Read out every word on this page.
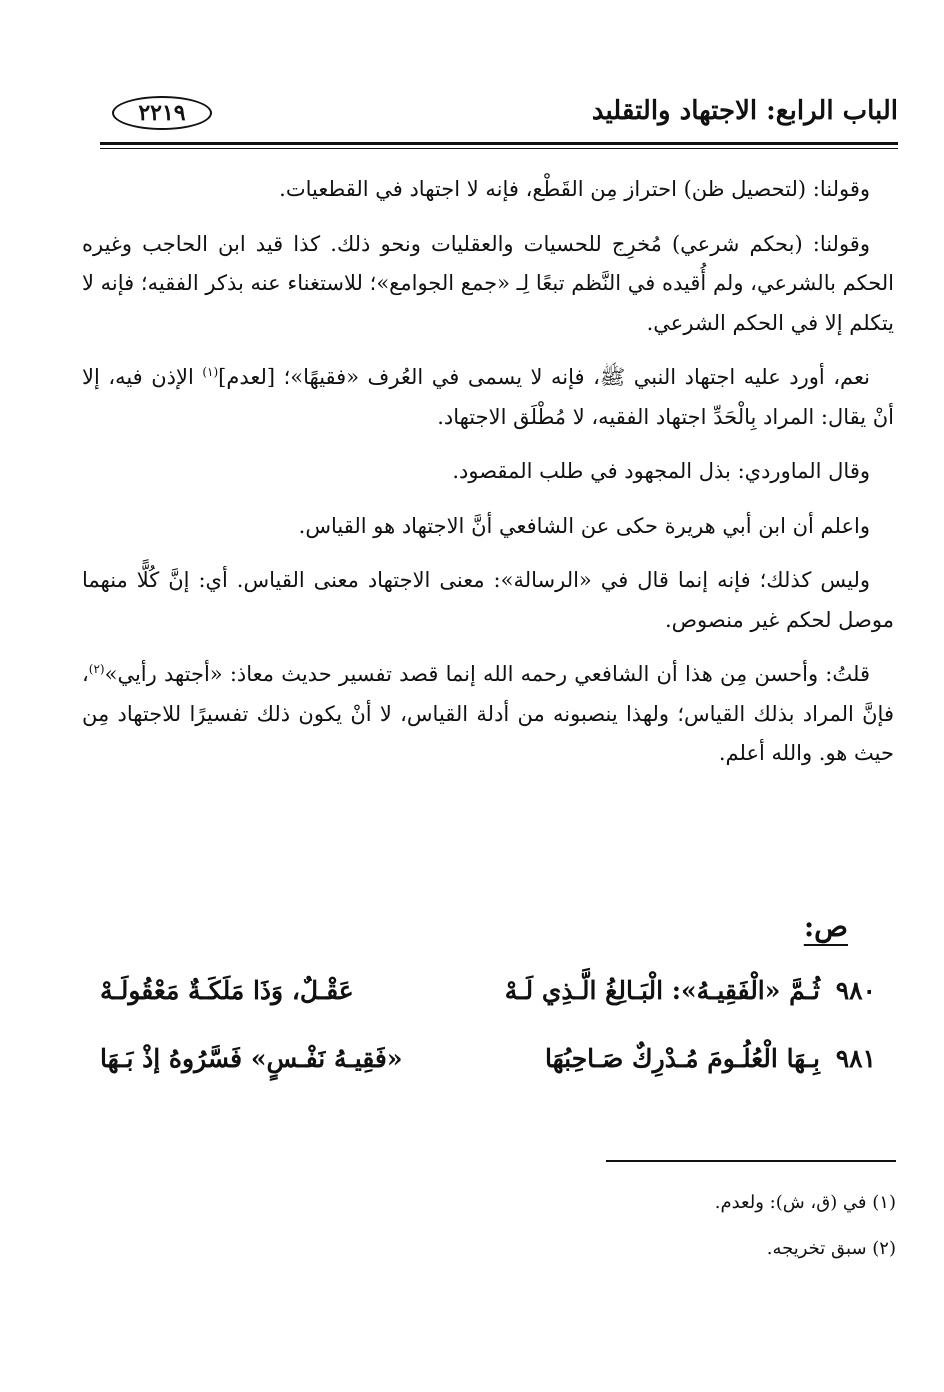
الباب الرابع: الاجتهاد والتقليد
٢٢١٩

وقولنا: (لتحصيل ظن) احتراز مِن القَطْع، فإنه لا اجتهاد في القطعيات.

وقولنا: (بحكم شرعي) مُخرِج للحسيات والعقليات ونحو ذلك. كذا قيد ابن الحاجب وغيره الحكم بالشرعي، ولم أُقيده في النَّظم تبعًا لِـ «جمع الجوامع»؛ للاستغناء عنه بذكر الفقيه؛ فإنه لا يتكلم إلا في الحكم الشرعي.

نعم، أورد عليه اجتهاد النبي ﷺ، فإنه لا يسمى في العُرف «فقيهًا»؛ [لعدم]$^{(١)}$ الإذن فيه، إلا أنْ يقال: المراد بِالْحَدِّ اجتهاد الفقيه، لا مُطْلَق الاجتهاد.

وقال الماوردي: بذل المجهود في طلب المقصود.

واعلم أن ابن أبي هريرة حكى عن الشافعي أنَّ الاجتهاد هو القياس.

وليس كذلك؛ فإنه إنما قال في «الرسالة»: معنى الاجتهاد معنى القياس. أي: إنَّ كُلًّا منهما موصل لحكم غير منصوص.

قلتُ: وأحسن مِن هذا أن الشافعي رحمه الله إنما قصد تفسير حديث معاذ: «أجتهد رأيي»$^{(٢)}$، فإنَّ المراد بذلك القياس؛ ولهذا ينصبونه من أدلة القياس، لا أنْ يكون ذلك تفسيرًا للاجتهاد مِن حيث هو. والله أعلم.

ص:
٩٨٠
ثُـمَّ «الْفَقِيـهُ»: الْبَـالِغُ الَّـذِي لَـهْ
عَقْـلٌ، وَذَا مَلَكَـةٌ مَعْقُولَـهْ
٩٨١
بِـهَا الْعُلُـومَ مُـدْرِكٌ صَـاحِبُهَا
«فَقِيـهُ نَفْـسٍ» فَسَّرُوهُ إذْ بَـهَا
(١) في (ق، ش): ولعدم.
(٢) سبق تخريجه.
